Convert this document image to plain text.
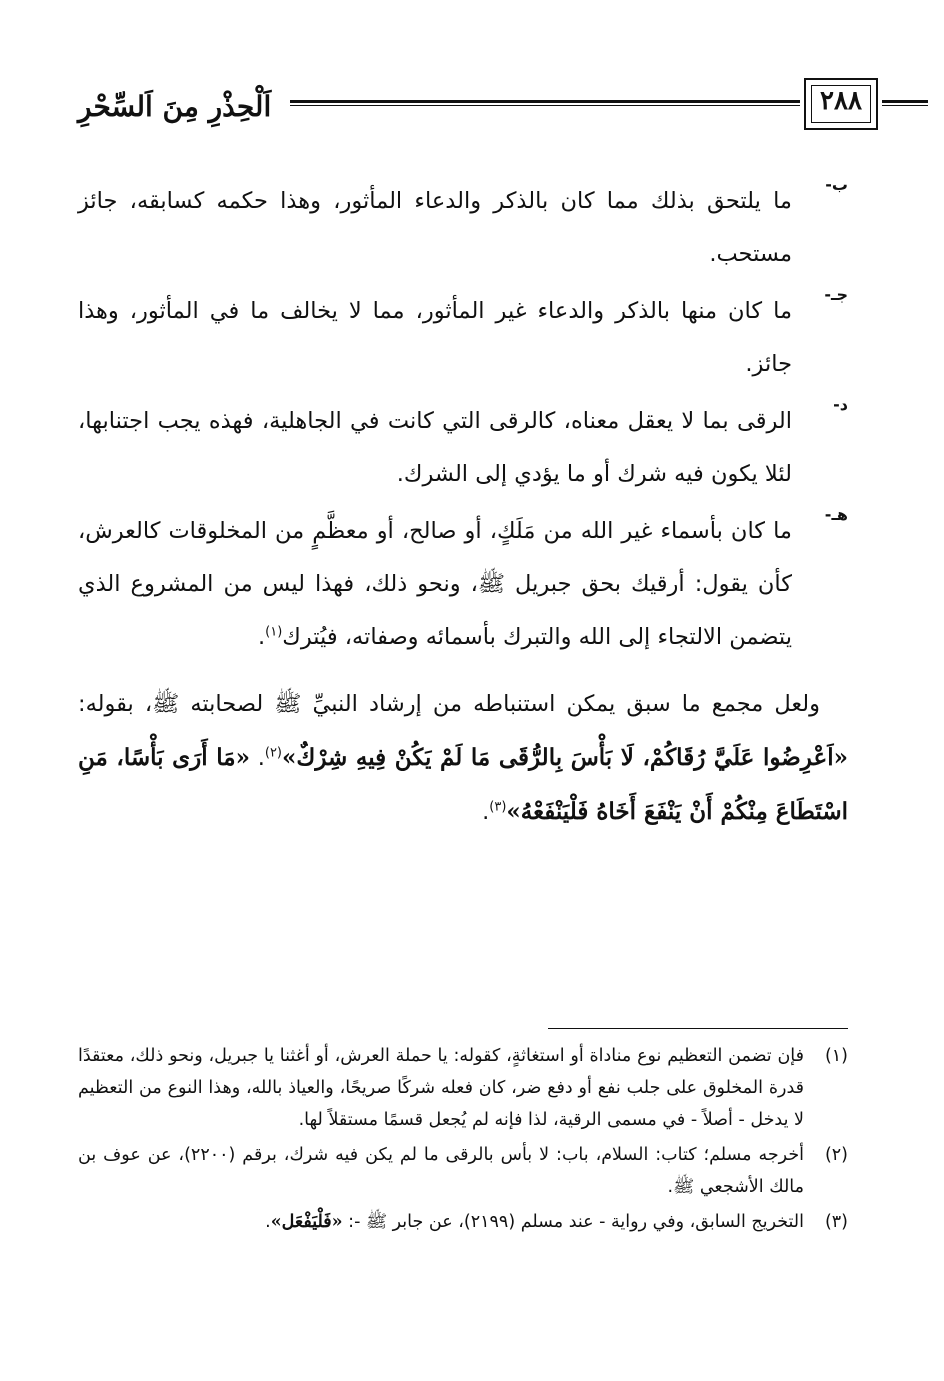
اَلْحِذْرِ مِنَ اَلسِّحْرِ	٢٨٨
ب-
ما يلتحق بذلك مما كان بالذكر والدعاء المأثور، وهذا حكمه كسابقه، جائز مستحب.
جـ-
ما كان منها بالذكر والدعاء غير المأثور، مما لا يخالف ما في المأثور، وهذا جائز.
د-
الرقى بما لا يعقل معناه، كالرقى التي كانت في الجاهلية، فهذه يجب اجتنابها، لئلا يكون فيه شرك أو ما يؤدي إلى الشرك.
هـ-
ما كان بأسماء غير الله من مَلَكٍ، أو صالح، أو معظَّمٍ من المخلوقات كالعرش، كأن يقول: أرقيك بحق جبريل ﷺ، ونحو ذلك، فهذا ليس من المشروع الذي يتضمن الالتجاء إلى الله والتبرك بأسمائه وصفاته، فيُترك$^{(١)}$.
ولعل مجمع ما سبق يمكن استنباطه من إرشاد النبيِّ ﷺ لصحابته ﷺ، بقوله: «اَعْرِضُوا عَلَيَّ رُقَاكُمْ، لَا بَأْسَ بِالرُّقَى مَا لَمْ يَكُنْ فِيهِ شِرْكٌ»$^{(٢)}$. «مَا أَرَى بَأْسًا، مَنِ اسْتَطَاعَ مِنْكُمْ أَنْ يَنْفَعَ أَخَاهُ فَلْيَنْفَعْهُ»$^{(٣)}$.
(١)
فإن تضمن التعظيم نوع مناداة أو استغاثةٍ، كقوله: يا حملة العرش، أو أغثنا يا جبريل، ونحو ذلك، معتقدًا قدرة المخلوق على جلب نفع أو دفع ضر، كان فعله شركًا صريحًا، والعياذ بالله، وهذا النوع من التعظيم لا يدخل - أصلاً - في مسمى الرقية، لذا فإنه لم يُجعل قسمًا مستقلاً لها.
(٢)
أخرجه مسلم؛ كتاب: السلام، باب: لا بأس بالرقى ما لم يكن فيه شرك، برقم (٢٢٠٠)، عن عوف بن مالك الأشجعي ﷺ.
(٣)
التخريج السابق، وفي رواية - عند مسلم (٢١٩٩)، عن جابر ﷺ -: «فَلْيَفْعَل».
